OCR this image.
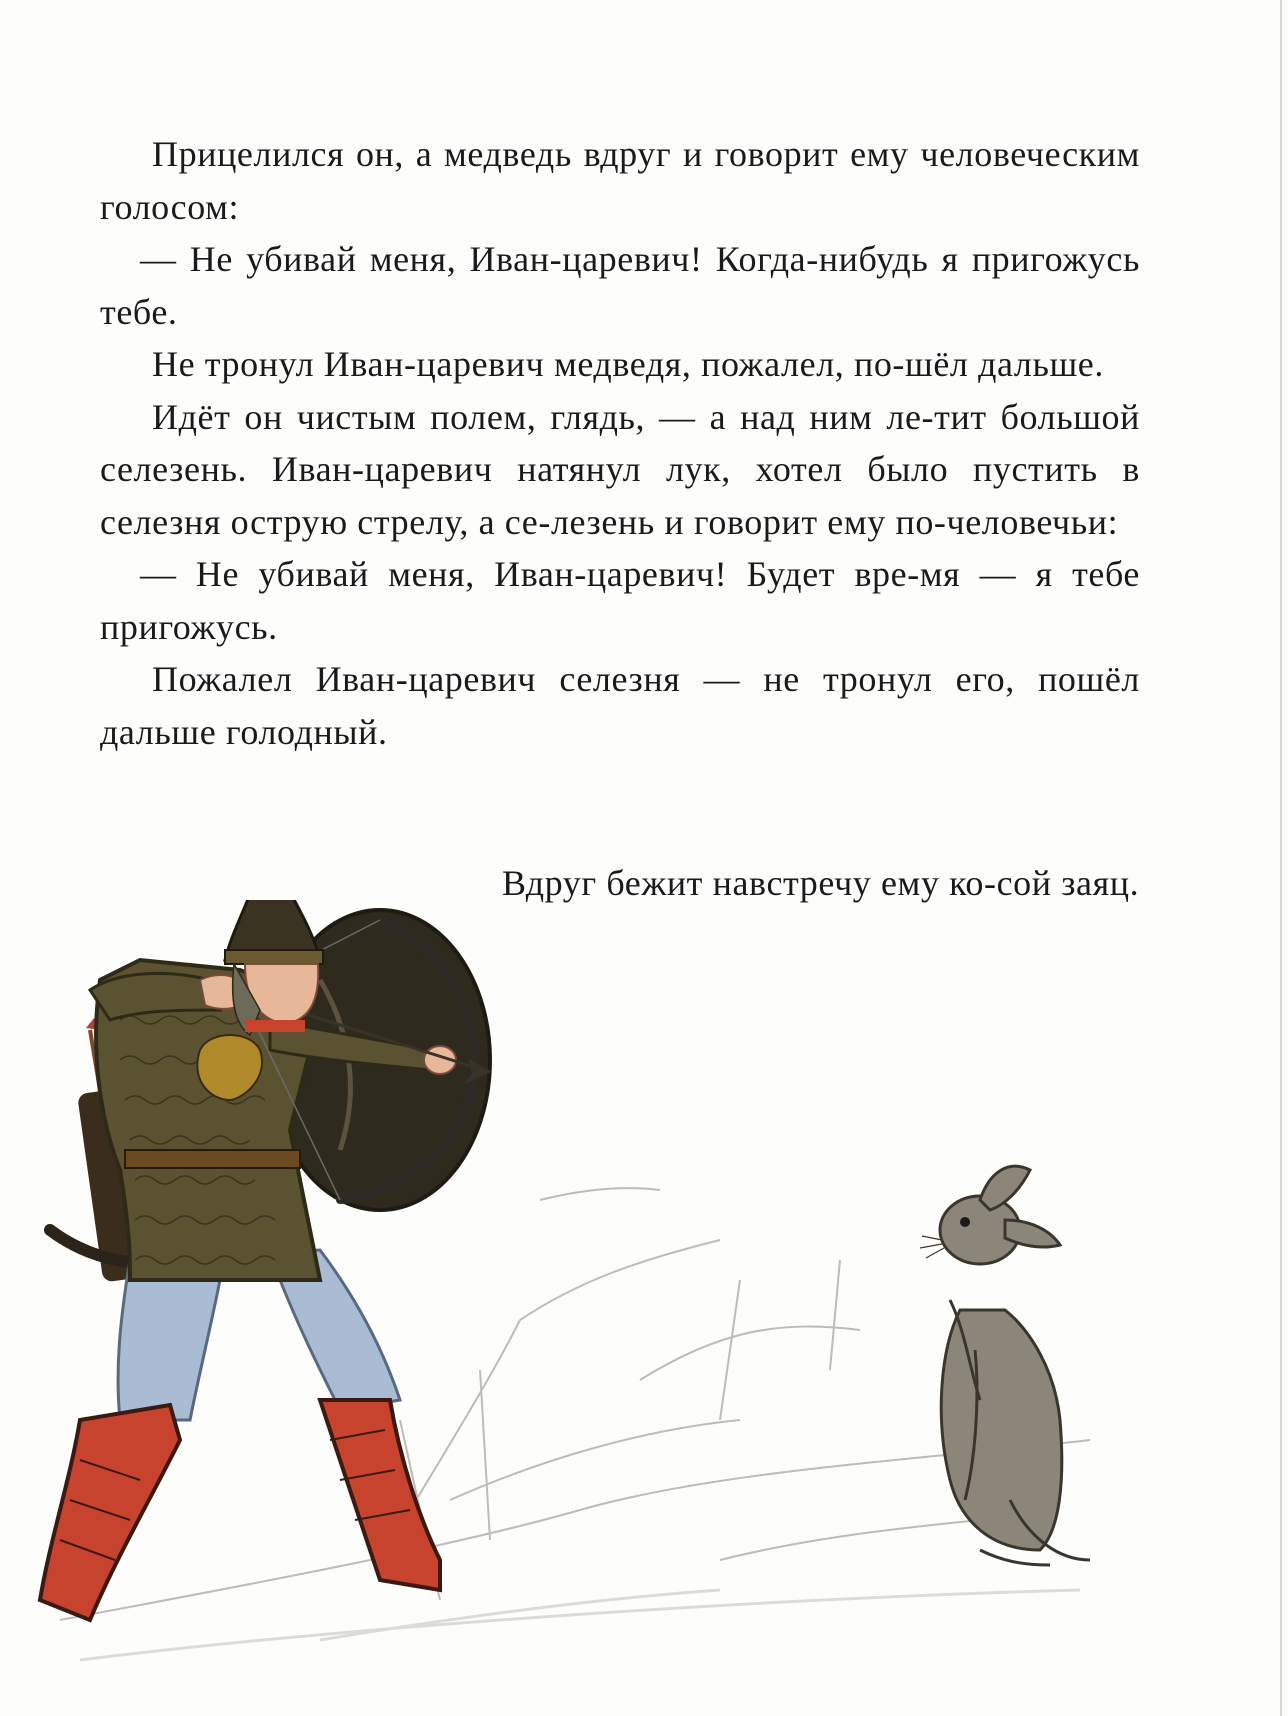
Прицелился он, а медведь вдруг и говорит ему человеческим голосом:

— Не убивай меня, Иван-царевич! Когда-нибудь я пригожусь тебе.

Не тронул Иван-царевич медведя, пожалел, по-шёл дальше.

Идёт он чистым полем, глядь, — а над ним ле-тит большой селезень. Иван-царевич натянул лук, хотел было пустить в селезня острую стрелу, а се-лезень и говорит ему по-человечьи:

— Не убивай меня, Иван-царевич! Будет вре-мя — я тебе пригожусь.

Пожалел Иван-царевич селезня — не тронул его, пошёл дальше голодный.

Вдруг бежит навстречу ему ко-сой заяц.
